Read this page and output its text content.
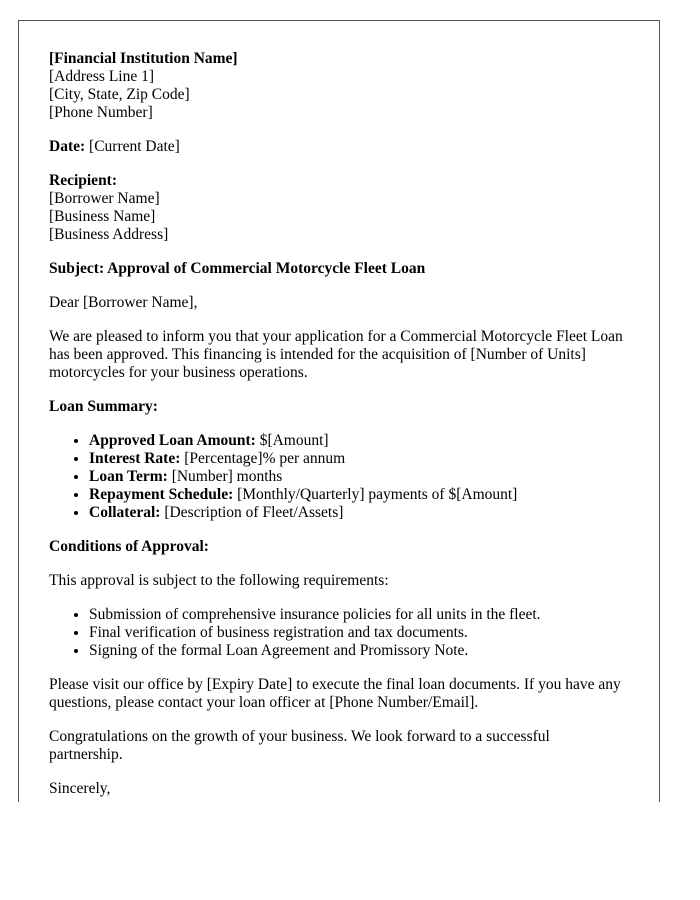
[Financial Institution Name]

[Address Line 1]

[City, State, Zip Code]

[Phone Number]

Date: [Current Date]

Recipient:

[Borrower Name]

[Business Name]

[Business Address]

Subject: Approval of Commercial Motorcycle Fleet Loan

Dear [Borrower Name],

We are pleased to inform you that your application for a Commercial Motorcycle Fleet Loan has been approved. This financing is intended for the acquisition of [Number of Units] motorcycles for your business operations.

Loan Summary:

• Approved Loan Amount: $[Amount]
• Interest Rate: [Percentage]% per annum
• Loan Term: [Number] months
• Repayment Schedule: [Monthly/Quarterly] payments of $[Amount]
• Collateral: [Description of Fleet/Assets]

Conditions of Approval:

This approval is subject to the following requirements:

• Submission of comprehensive insurance policies for all units in the fleet.
• Final verification of business registration and tax documents.
• Signing of the formal Loan Agreement and Promissory Note.

Please visit our office by [Expiry Date] to execute the final loan documents. If you have any questions, please contact your loan officer at [Phone Number/Email].

Congratulations on the growth of your business. We look forward to a successful partnership.

Sincerely,
